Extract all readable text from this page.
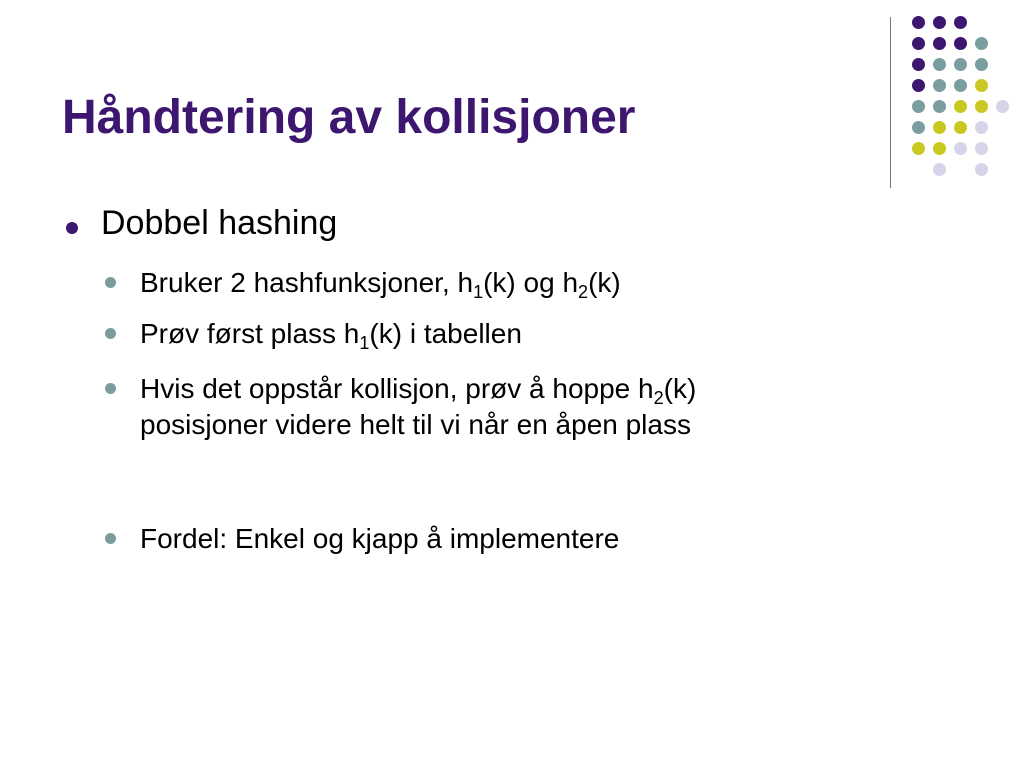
Håndtering av kollisjoner
Dobbel hashing
Bruker 2 hashfunksjoner, $h_1(k)$ og $h_2(k)$
Prøv først plass $h_1(k)$ i tabellen
Hvis det oppstår kollisjon, prøv å hoppe $h_2(k)$
posisjoner videre helt til vi når en åpen plass
Fordel: Enkel og kjapp å implementere
